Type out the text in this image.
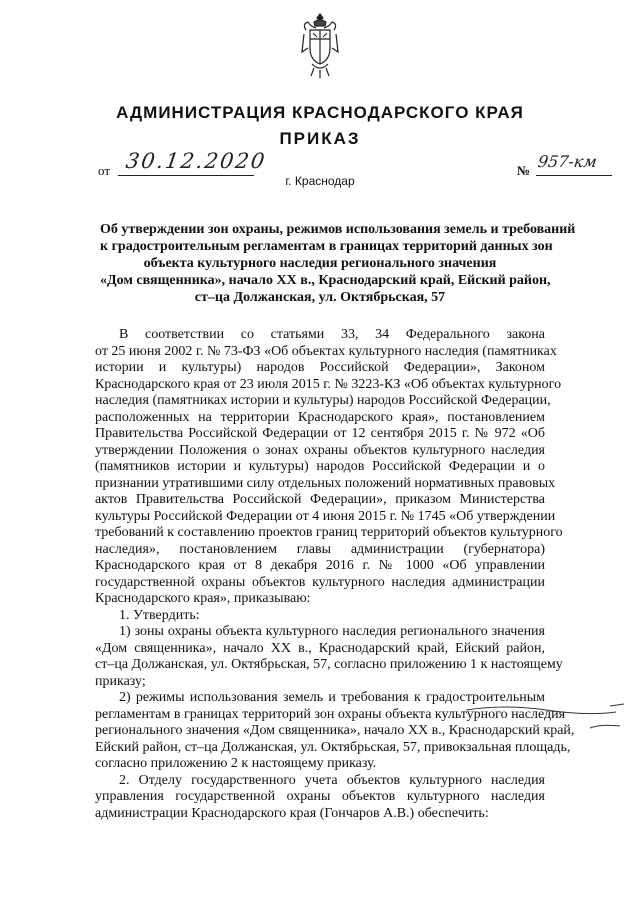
АДМИНИСТРАЦИЯ КРАСНОДАРСКОГО КРАЯ
ПРИКАЗ
от 30.12.2020	№ 957-км
г. Краснодар
Об утверждении зон охраны, режимов использования земель и требований
к градостроительным регламентам в границах территорий данных зон
объекта культурного наследия регионального значения
«Дом священника», начало XX в., Краснодарский край, Ейский район,
ст–ца Должанская, ул. Октябрьская, 57
В соответствии со статьями 33, 34 Федерального закона
от 25 июня 2002 г. № 73-ФЗ «Об объектах культурного наследия (памятниках
истории и культуры) народов Российской Федерации», Законом
Краснодарского края от 23 июля 2015 г. № 3223-КЗ «Об объектах культурного
наследия (памятниках истории и культуры) народов Российской Федерации,
расположенных на территории Краснодарского края», постановлением
Правительства Российской Федерации от 12 сентября 2015 г. № 972 «Об
утверждении Положения о зонах охраны объектов культурного наследия
(памятников истории и культуры) народов Российской Федерации и о
признании утратившими силу отдельных положений нормативных правовых
актов Правительства Российской Федерации», приказом Министерства
культуры Российской Федерации от 4 июня 2015 г. № 1745 «Об утверждении
требований к составлению проектов границ территорий объектов культурного
наследия», постановлением главы администрации (губернатора)
Краснодарского края от 8 декабря 2016 г. № 1000 «Об управлении
государственной охраны объектов культурного наследия администрации
Краснодарского края», приказываю:
1. Утвердить:
1) зоны охраны объекта культурного наследия регионального значения
«Дом священника», начало XX в., Краснодарский край, Ейский район,
ст–ца Должанская, ул. Октябрьская, 57, согласно приложению 1 к настоящему
приказу;
2) режимы использования земель и требования к градостроительным
регламентам в границах территорий зон охраны объекта культурного наследия
регионального значения «Дом священника», начало XX в., Краснодарский край,
Ейский район, ст–ца Должанская, ул. Октябрьская, 57, привокзальная площадь,
согласно приложению 2 к настоящему приказу.
2. Отделу государственного учета объектов культурного наследия
управления государственной охраны объектов культурного наследия
администрации Краснодарского края (Гончаров А.В.) обеспечить:
